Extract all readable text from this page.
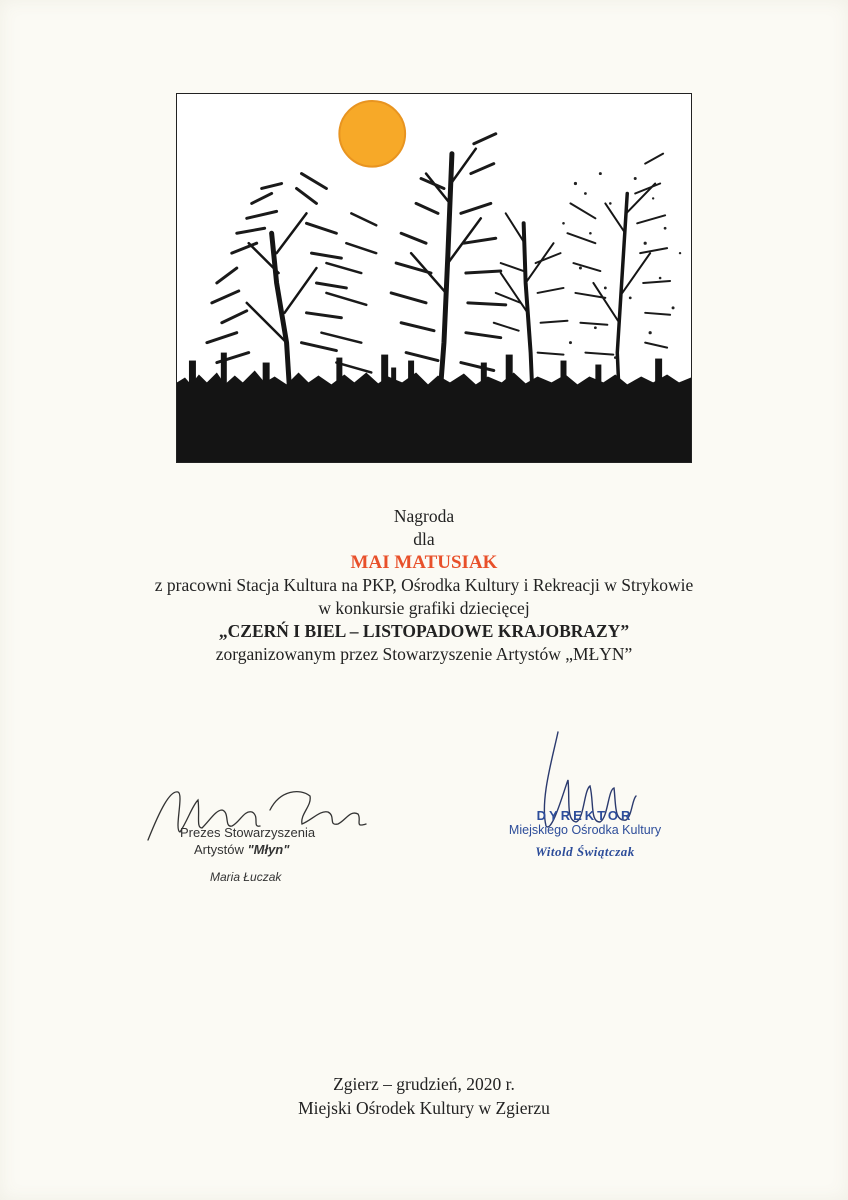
Nagroda
dla
MAI MATUSIAK
z pracowni Stacja Kultura na PKP, Ośrodka Kultury i Rekreacji w Strykowie
w konkursie grafiki dziecięcej
„CZERŃ I BIEL – LISTOPADOWE KRAJOBRAZY”
zorganizowanym przez Stowarzyszenie Artystów „MŁYN”
Prezes Stowarzyszenia
Artystów "Młyn"
Maria Łuczak
DYREKTOR
Miejskiego Ośrodka Kultury
Witold Świątczak
Zgierz – grudzień, 2020 r.
Miejski Ośrodek Kultury w Zgierzu
